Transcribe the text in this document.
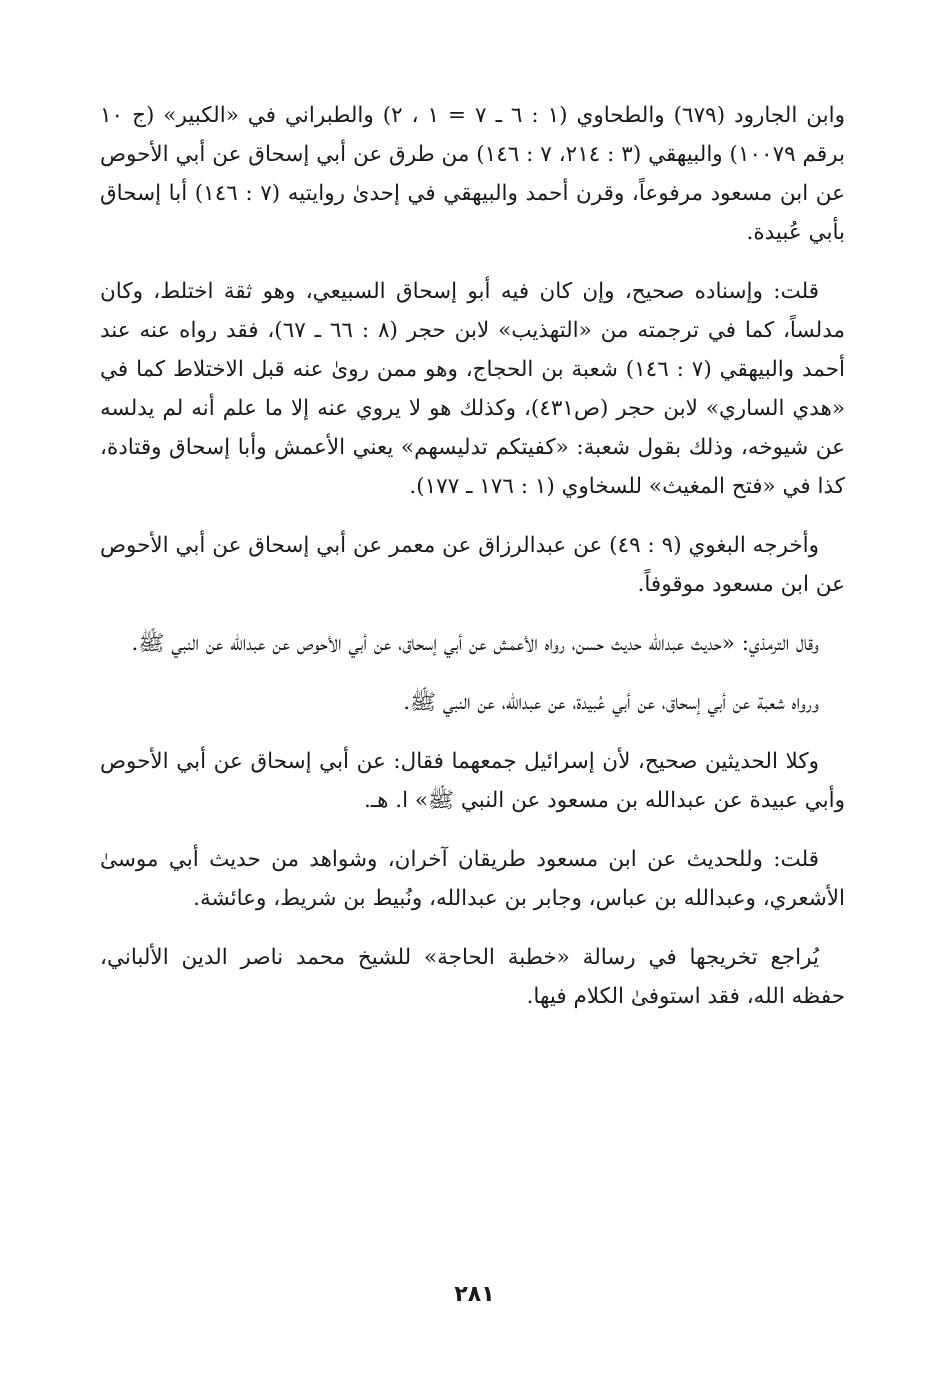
وابن الجارود (٦٧٩) والطحاوي (١ : ٦ ـ ٧ = ١ ، ٢) والطبراني في «الكبير» (ج ١٠ برقم ١٠٠٧٩) والبيهقي (٣ : ٢١٤، ٧ : ١٤٦) من طرق عن أبي إسحاق عن أبي الأحوص عن ابن مسعود مرفوعاً، وقرن أحمد والبيهقي في إحدىٰ روايتيه (٧ : ١٤٦) أبا إسحاق بأبي عُبيدة.

قلت: وإسناده صحيح، وإن كان فيه أبو إسحاق السبيعي، وهو ثقة اختلط، وكان مدلساً، كما في ترجمته من «التهذيب» لابن حجر (٨ : ٦٦ ـ ٦٧)، فقد رواه عنه عند أحمد والبيهقي (٧ : ١٤٦) شعبة بن الحجاج، وهو ممن روىٰ عنه قبل الاختلاط كما في «هدي الساري» لابن حجر (ص٤٣١)، وكذلك هو لا يروي عنه إلا ما علم أنه لم يدلسه عن شيوخه، وذلك بقول شعبة: «كفيتكم تدليسهم» يعني الأعمش وأبا إسحاق وقتادة، كذا في «فتح المغيث» للسخاوي (١ : ١٧٦ ـ ١٧٧).

وأخرجه البغوي (٩ : ٤٩) عن عبدالرزاق عن معمر عن أبي إسحاق عن أبي الأحوص عن ابن مسعود موقوفاً.

وقال الترمذي: «حديث عبدالله حديث حسن، رواه الأعمش عن أبي إسحاق، عن أبي الأحوص عن عبدالله عن النبي ﷺ.

ورواه شعبة عن أبي إسحاق، عن أبي عُبيدة، عن عبدالله، عن النبي ﷺ.

وكلا الحديثين صحيح، لأن إسرائيل جمعهما فقال: عن أبي إسحاق عن أبي الأحوص وأبي عبيدة عن عبدالله بن مسعود عن النبي ﷺ» ا. هـ.

قلت: وللحديث عن ابن مسعود طريقان آخران، وشواهد من حديث أبي موسىٰ الأشعري، وعبدالله بن عباس، وجابر بن عبدالله، ونُبيط بن شريط، وعائشة.

يُراجع تخريجها في رسالة «خطبة الحاجة» للشيخ محمد ناصر الدين الألباني، حفظه الله، فقد استوفىٰ الكلام فيها.

٢٨١
